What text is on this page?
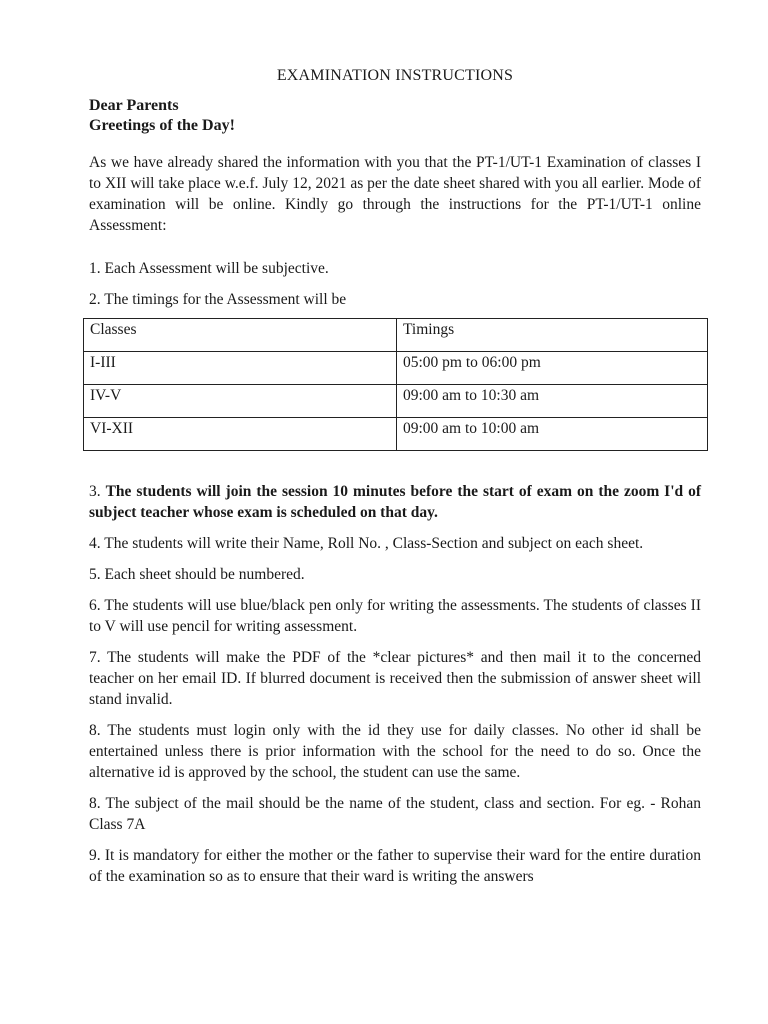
EXAMINATION INSTRUCTIONS

Dear Parents

Greetings of the Day!

As we have already shared the information with you that the PT-1/UT-1 Examination of classes I to XII will take place w.e.f. July 12, 2021 as per the date sheet shared with you all earlier. Mode of examination will be online. Kindly go through the instructions for the PT-1/UT-1 online Assessment:

1. Each Assessment will be subjective.

2. The timings for the Assessment will be

Classes	Timings
I-III	05:00 pm to 06:00 pm
IV-V	09:00 am to 10:30 am
VI-XII	09:00 am to 10:00 am

3. The students will join the session 10 minutes before the start of exam on the zoom I'd of subject teacher whose exam is scheduled on that day.

4. The students will write their Name, Roll No. , Class-Section and subject on each sheet.

5. Each sheet should be numbered.

6. The students will use blue/black pen only for writing the assessments. The students of classes II to V will use pencil for writing assessment.

7. The students will make the PDF of the *clear pictures* and then mail it to the concerned teacher on her email ID. If blurred document is received then the submission of answer sheet will stand invalid.

8. The students must login only with the id they use for daily classes. No other id shall be entertained unless there is prior information with the school for the need to do so. Once the alternative id is approved by the school, the student can use the same.

8. The subject of the mail should be the name of the student, class and section. For eg. - Rohan Class 7A

9. It is mandatory for either the mother or the father to supervise their ward for the entire duration of the examination so as to ensure that their ward is writing the answers
